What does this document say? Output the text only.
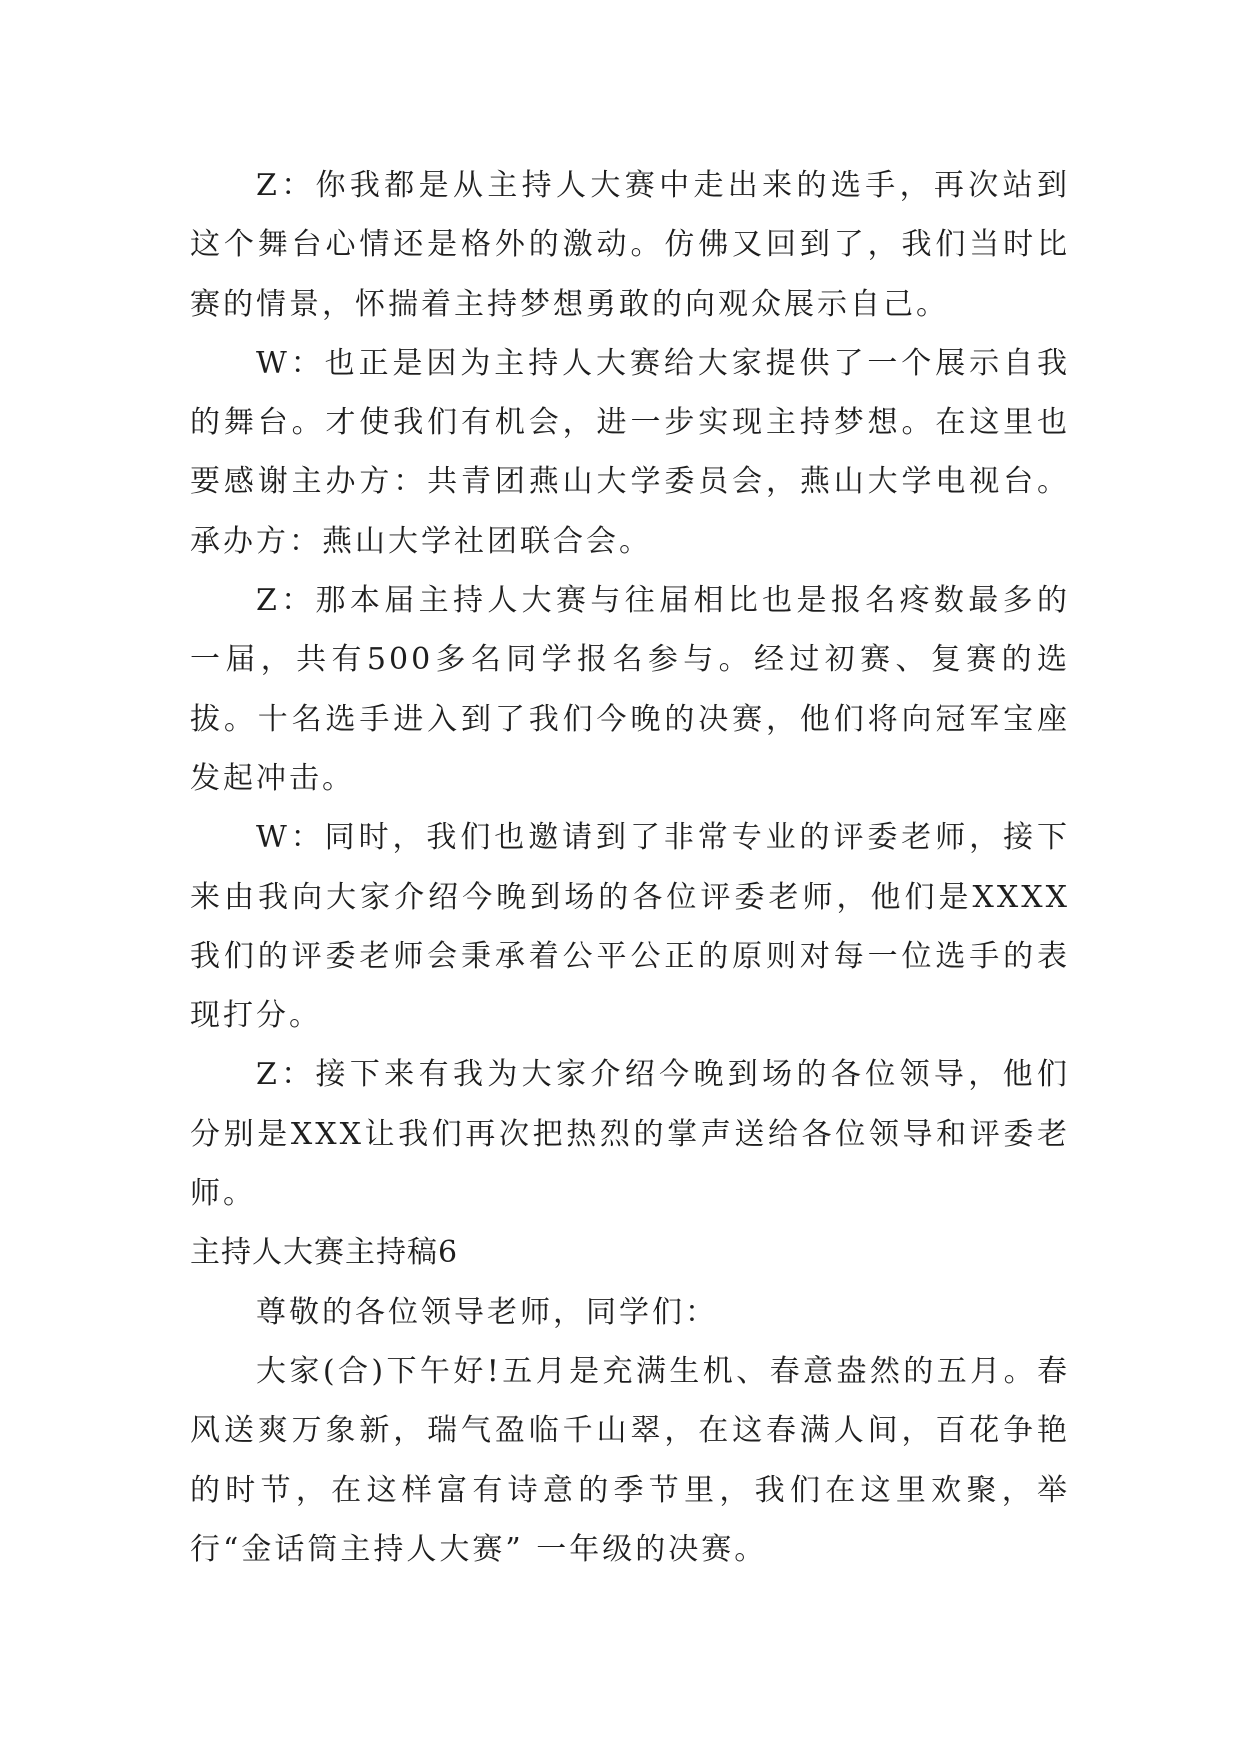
Z：你我都是从主持人大赛中走出来的选手，再次站到这个舞台心情还是格外的激动。仿佛又回到了，我们当时比赛的情景，怀揣着主持梦想勇敢的向观众展示自己。

W：也正是因为主持人大赛给大家提供了一个展示自我的舞台。才使我们有机会，进一步实现主持梦想。在这里也要感谢主办方：共青团燕山大学委员会，燕山大学电视台。承办方：燕山大学社团联合会。

Z：那本届主持人大赛与往届相比也是报名疼数最多的一届，共有500多名同学报名参与。经过初赛、复赛的选拔。十名选手进入到了我们今晚的决赛，他们将向冠军宝座发起冲击。

W：同时，我们也邀请到了非常专业的评委老师，接下来由我向大家介绍今晚到场的各位评委老师，他们是XXXX我们的评委老师会秉承着公平公正的原则对每一位选手的表现打分。

Z：接下来有我为大家介绍今晚到场的各位领导，他们分别是XXX让我们再次把热烈的掌声送给各位领导和评委老师。

主持人大赛主持稿6

尊敬的各位领导老师，同学们：

大家(合)下午好!五月是充满生机、春意盎然的五月。春风送爽万象新，瑞气盈临千山翠，在这春满人间，百花争艳的时节，在这样富有诗意的季节里，我们在这里欢聚，举行“金话筒主持人大赛” 一年级的决赛。
